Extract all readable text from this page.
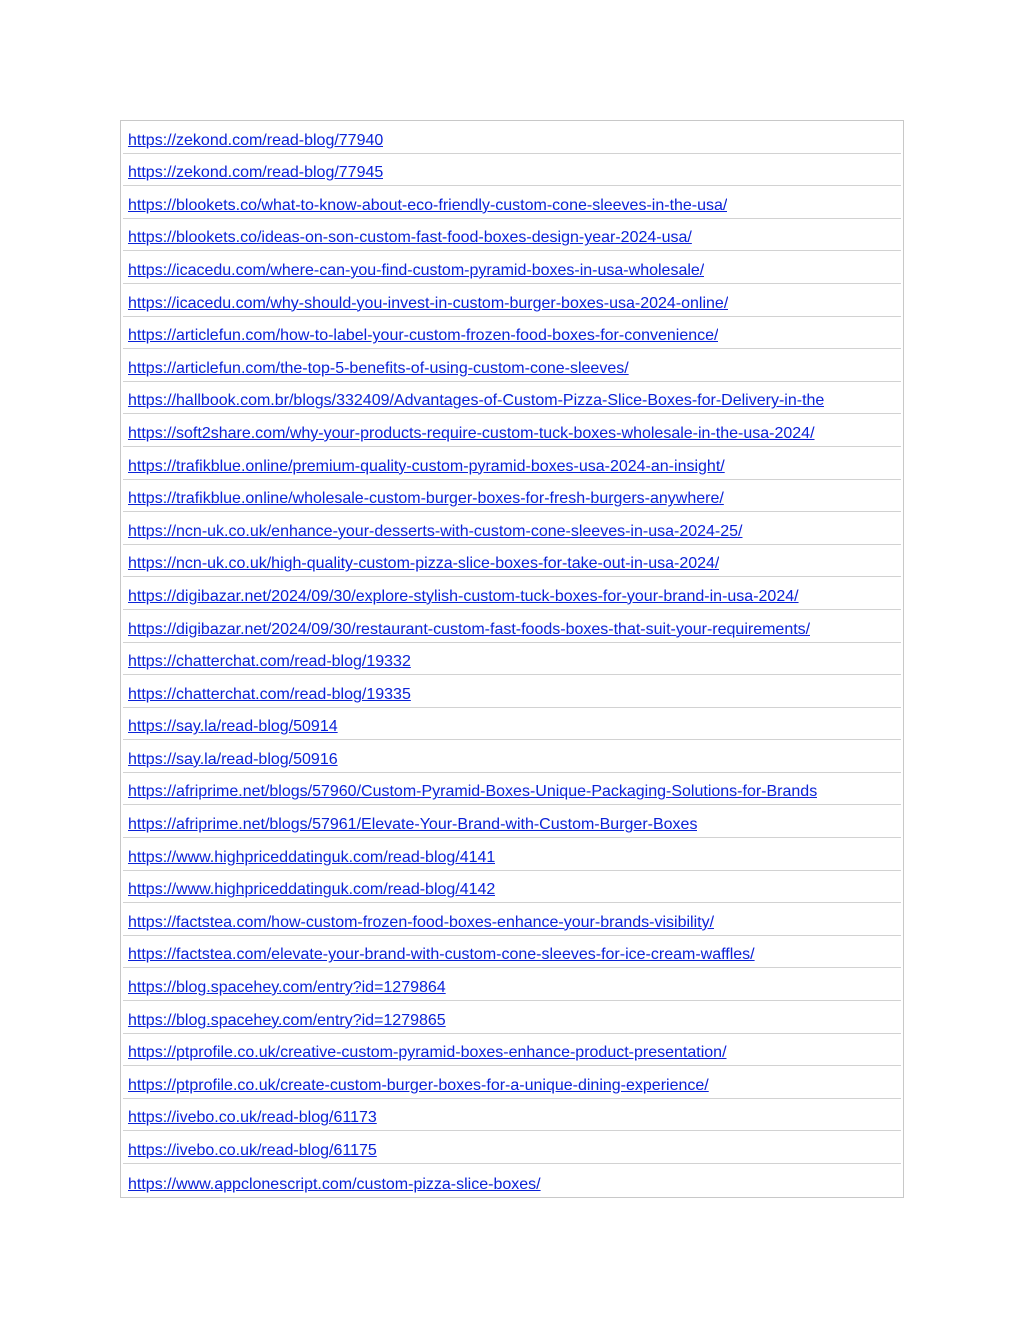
https://zekond.com/read-blog/77940
https://zekond.com/read-blog/77945
https://blookets.co/what-to-know-about-eco-friendly-custom-cone-sleeves-in-the-usa/
https://blookets.co/ideas-on-son-custom-fast-food-boxes-design-year-2024-usa/
https://icacedu.com/where-can-you-find-custom-pyramid-boxes-in-usa-wholesale/
https://icacedu.com/why-should-you-invest-in-custom-burger-boxes-usa-2024-online/
https://articlefun.com/how-to-label-your-custom-frozen-food-boxes-for-convenience/
https://articlefun.com/the-top-5-benefits-of-using-custom-cone-sleeves/
https://hallbook.com.br/blogs/332409/Advantages-of-Custom-Pizza-Slice-Boxes-for-Delivery-in-the
https://soft2share.com/why-your-products-require-custom-tuck-boxes-wholesale-in-the-usa-2024/
https://trafikblue.online/premium-quality-custom-pyramid-boxes-usa-2024-an-insight/
https://trafikblue.online/wholesale-custom-burger-boxes-for-fresh-burgers-anywhere/
https://ncn-uk.co.uk/enhance-your-desserts-with-custom-cone-sleeves-in-usa-2024-25/
https://ncn-uk.co.uk/high-quality-custom-pizza-slice-boxes-for-take-out-in-usa-2024/
https://digibazar.net/2024/09/30/explore-stylish-custom-tuck-boxes-for-your-brand-in-usa-2024/
https://digibazar.net/2024/09/30/restaurant-custom-fast-foods-boxes-that-suit-your-requirements/
https://chatterchat.com/read-blog/19332
https://chatterchat.com/read-blog/19335
https://say.la/read-blog/50914
https://say.la/read-blog/50916
https://afriprime.net/blogs/57960/Custom-Pyramid-Boxes-Unique-Packaging-Solutions-for-Brands
https://afriprime.net/blogs/57961/Elevate-Your-Brand-with-Custom-Burger-Boxes
https://www.highpriceddatinguk.com/read-blog/4141
https://www.highpriceddatinguk.com/read-blog/4142
https://factstea.com/how-custom-frozen-food-boxes-enhance-your-brands-visibility/
https://factstea.com/elevate-your-brand-with-custom-cone-sleeves-for-ice-cream-waffles/
https://blog.spacehey.com/entry?id=1279864
https://blog.spacehey.com/entry?id=1279865
https://ptprofile.co.uk/creative-custom-pyramid-boxes-enhance-product-presentation/
https://ptprofile.co.uk/create-custom-burger-boxes-for-a-unique-dining-experience/
https://ivebo.co.uk/read-blog/61173
https://ivebo.co.uk/read-blog/61175
https://www.appclonescript.com/custom-pizza-slice-boxes/
